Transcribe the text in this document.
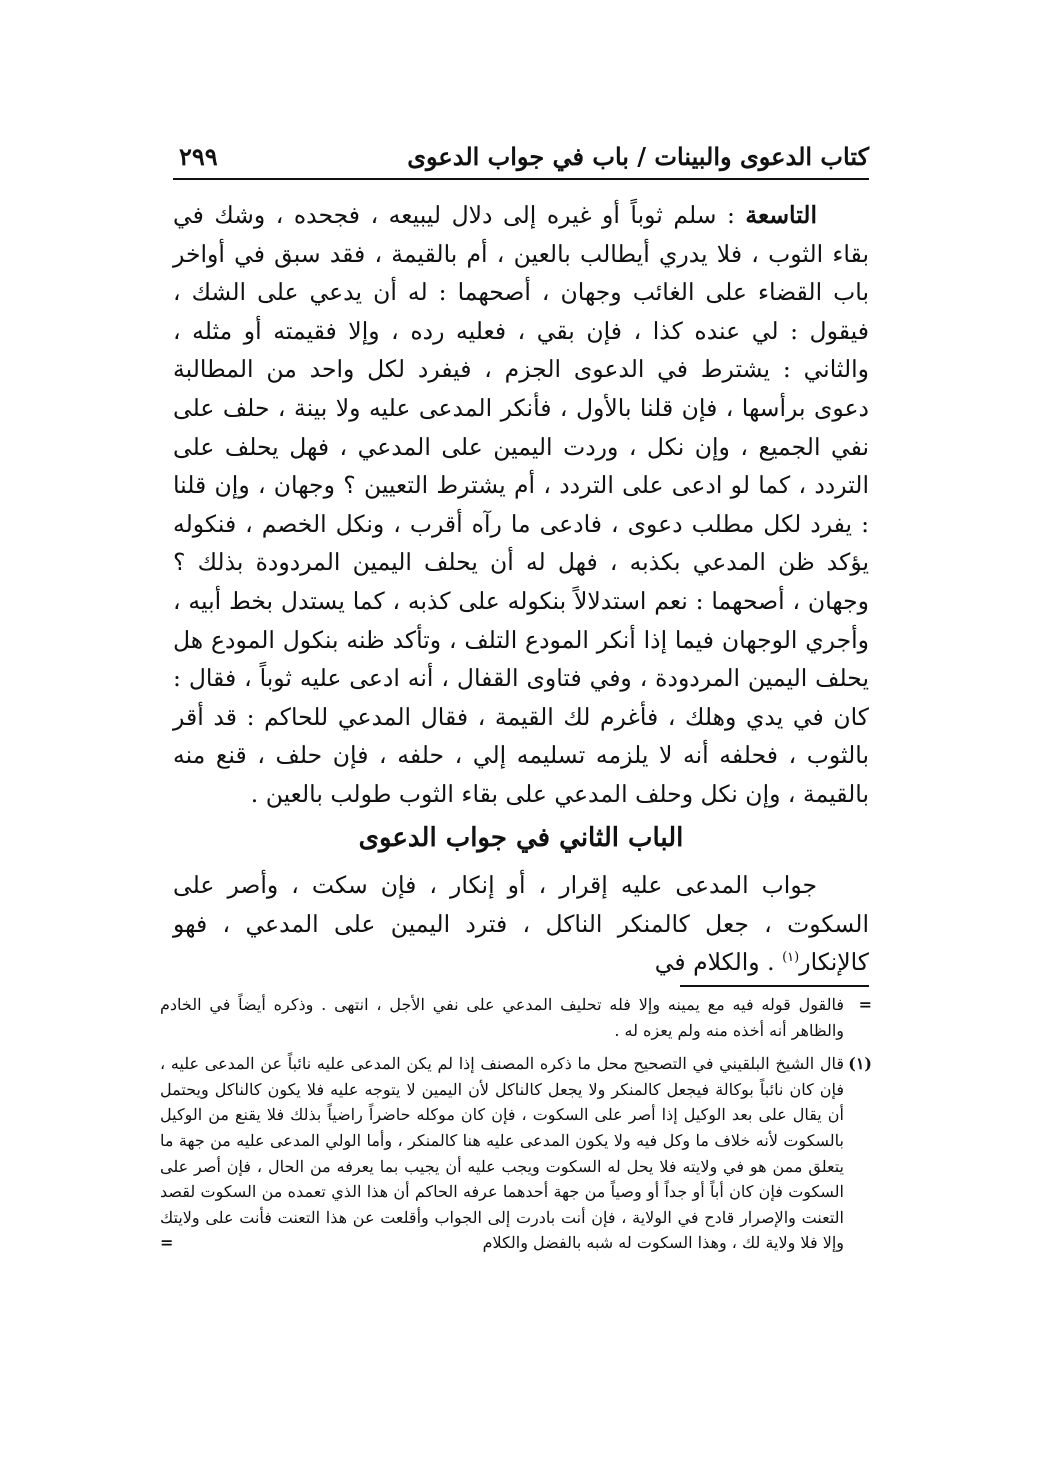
كتاب الدعوى والبينات / باب في جواب الدعوى
٢٩٩

التاسعة : سلم ثوباً أو غيره إلى دلال ليبيعه ، فجحده ، وشك في بقاء الثوب ، فلا يدري أيطالب بالعين ، أم بالقيمة ، فقد سبق في أواخر باب القضاء على الغائب وجهان ، أصحهما : له أن يدعي على الشك ، فيقول : لي عنده كذا ، فإن بقي ، فعليه رده ، وإلا فقيمته أو مثله ، والثاني : يشترط في الدعوى الجزم ، فيفرد لكل واحد من المطالبة دعوى برأسها ، فإن قلنا بالأول ، فأنكر المدعى عليه ولا بينة ، حلف على نفي الجميع ، وإن نكل ، وردت اليمين على المدعي ، فهل يحلف على التردد ، كما لو ادعى على التردد ، أم يشترط التعيين ؟ وجهان ، وإن قلنا : يفرد لكل مطلب دعوى ، فادعى ما رآه أقرب ، ونكل الخصم ، فنكوله يؤكد ظن المدعي بكذبه ، فهل له أن يحلف اليمين المردودة بذلك ؟ وجهان ، أصحهما : نعم استدلالاً بنكوله على كذبه ، كما يستدل بخط أبيه ، وأجري الوجهان فيما إذا أنكر المودع التلف ، وتأكد ظنه بنكول المودع هل يحلف اليمين المردودة ، وفي فتاوى القفال ، أنه ادعى عليه ثوباً ، فقال : كان في يدي وهلك ، فأغرم لك القيمة ، فقال المدعي للحاكم : قد أقر بالثوب ، فحلفه أنه لا يلزمه تسليمه إلي ، حلفه ، فإن حلف ، قنع منه بالقيمة ، وإن نكل وحلف المدعي على بقاء الثوب طولب بالعين .

الباب الثاني في جواب الدعوى

جواب المدعى عليه إقرار ، أو إنكار ، فإن سكت ، وأصر على السكوت ، جعل كالمنكر الناكل ، فترد اليمين على المدعي ، فهو كالإنكار$^{(١)}$ . والكلام في

=
فالقول قوله فيه مع يمينه وإلا فله تحليف المدعي على نفي الأجل ، انتهى . وذكره أيضاً في الخادم والظاهر أنه أخذه منه ولم يعزه له .
(١)
قال الشيخ البلقيني في التصحيح محل ما ذكره المصنف إذا لم يكن المدعى عليه نائباً عن المدعى عليه ، فإن كان نائباً بوكالة فيجعل كالمنكر ولا يجعل كالناكل لأن اليمين لا يتوجه عليه فلا يكون كالناكل ويحتمل أن يقال على بعد الوكيل إذا أصر على السكوت ، فإن كان موكله حاضراً راضياً بذلك فلا يقنع من الوكيل بالسكوت لأنه خلاف ما وكل فيه ولا يكون المدعى عليه هنا كالمنكر ، وأما الولي المدعى عليه من جهة ما يتعلق ممن هو في ولايته فلا يحل له السكوت ويجب عليه أن يجيب بما يعرفه من الحال ، فإن أصر على السكوت فإن كان أباً أو جداً أو وصياً من جهة أحدهما عرفه الحاكم أن هذا الذي تعمده من السكوت لقصد التعنت والإصرار قادح في الولاية ، فإن أنت بادرت إلى الجواب وأقلعت عن هذا التعنت فأنت على ولايتك وإلا فلا ولاية لك ، وهذا السكوت له شبه بالفضل والكلام
=
